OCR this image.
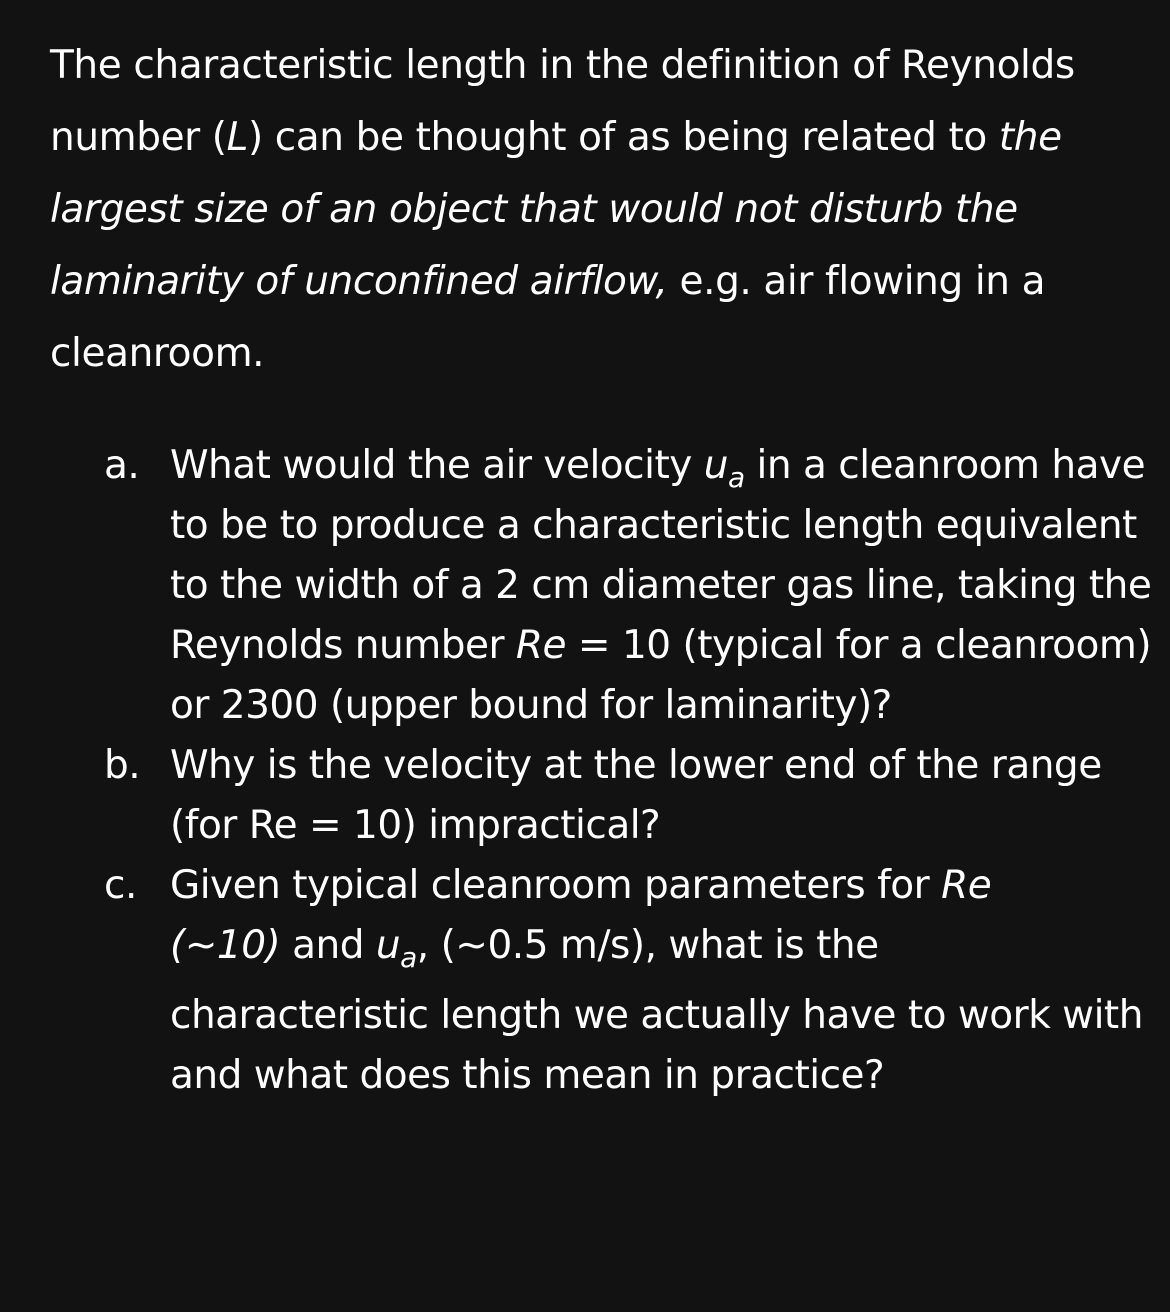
The characteristic length in the definition of Reynolds number (L) can be thought of as being related to the largest size of an object that would not disturb the laminarity of unconfined airflow, e.g. air flowing in a cleanroom.

a. What would the air velocity $u_a$ in a cleanroom have to be to produce a characteristic length equivalent to the width of a 2 cm diameter gas line, taking the Reynolds number Re = 10 (typical for a cleanroom) or 2300 (upper bound for laminarity)?
b. Why is the velocity at the lower end of the range (for Re = 10) impractical?
c. Given typical cleanroom parameters for Re
(~10) and $u_a$, (~0.5 m/s), what is the
characteristic length we actually have to work with and what does this mean in practice?
